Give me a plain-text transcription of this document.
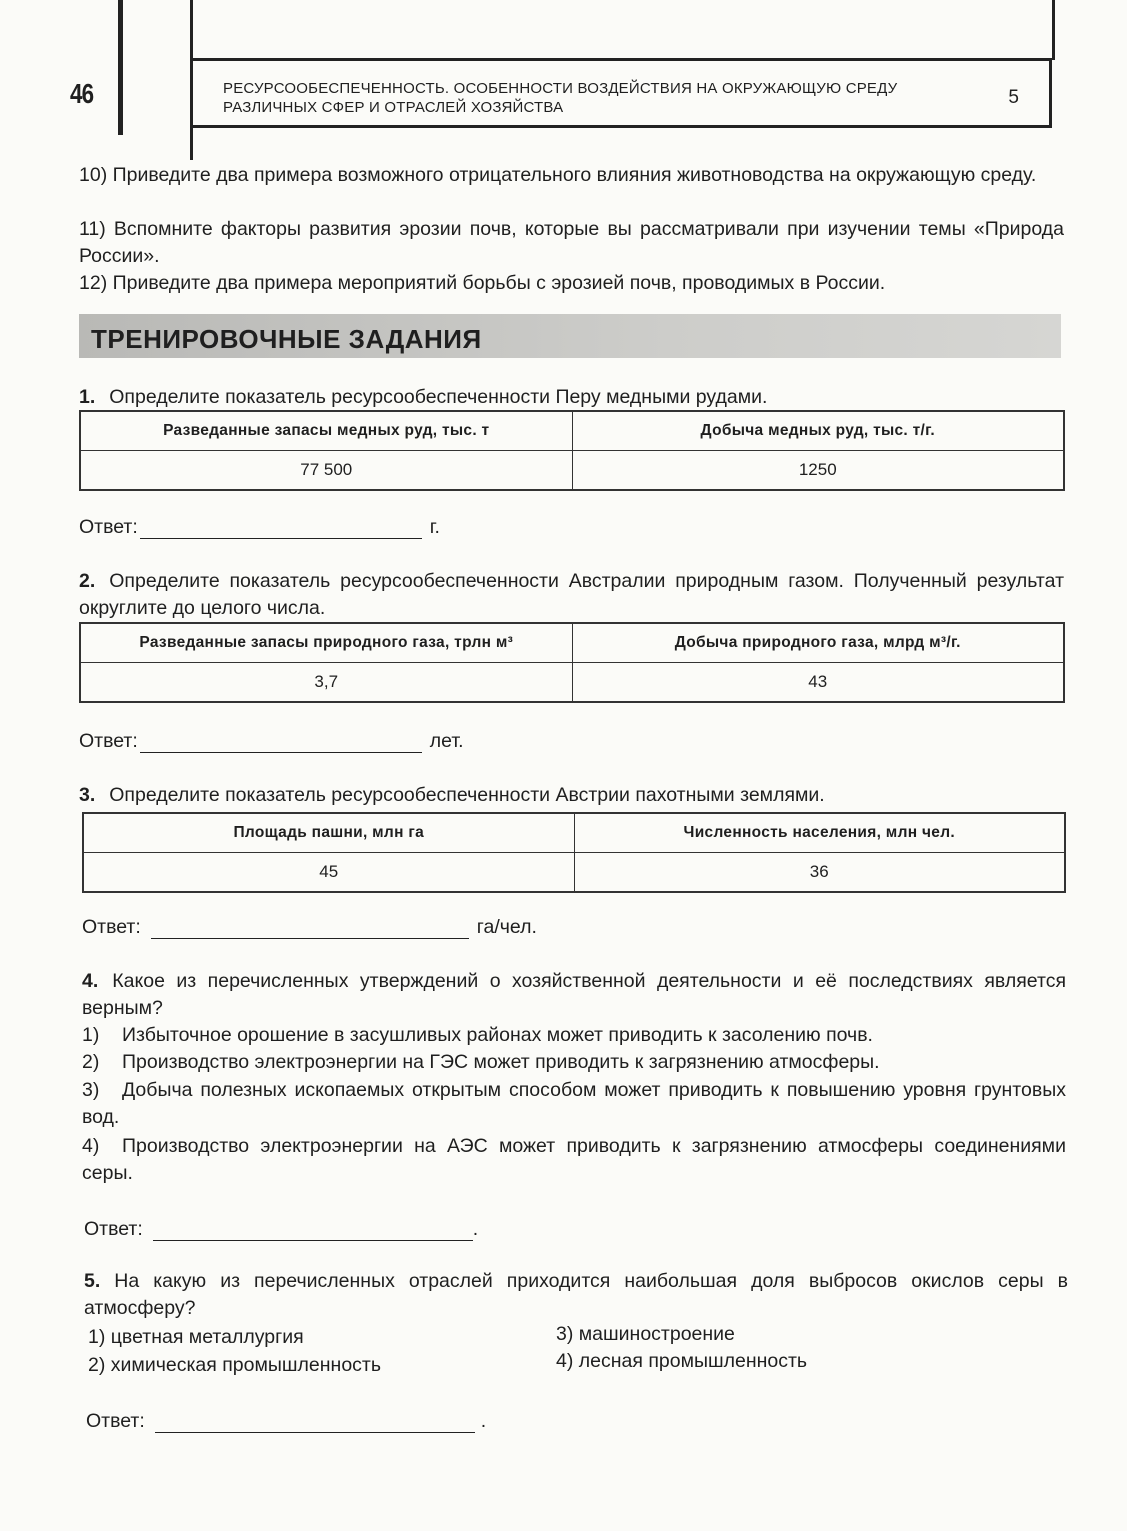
46	РЕСУРСООБЕСПЕЧЕННОСТЬ. ОСОБЕННОСТИ ВОЗДЕЙСТВИЯ НА ОКРУЖАЮЩУЮ СРЕДУ РАЗЛИЧНЫХ СФЕР И ОТРАСЛЕЙ ХОЗЯЙСТВА	5
10) Приведите два примера возможного отрицательного влияния животноводства на окружающую среду.
11) Вспомните факторы развития эрозии почв, которые вы рассматривали при изучении темы «Природа России».
12) Приведите два примера мероприятий борьбы с эрозией почв, проводимых в России.
ТРЕНИРОВОЧНЫЕ ЗАДАНИЯ
1. Определите показатель ресурсообеспеченности Перу медными рудами.
Разведанные запасы медных руд, тыс. т	Добыча медных руд, тыс. т/г.
77 500	1250
Ответ:	г.
2. Определите показатель ресурсообеспеченности Австралии природным газом. Полученный результат округлите до целого числа.
Разведанные запасы природного газа, трлн м³	Добыча природного газа, млрд м³/г.
3,7	43
Ответ:	лет.
3. Определите показатель ресурсообеспеченности Австрии пахотными землями.
Площадь пашни, млн га	Численность населения, млн чел.
45	36
Ответ:	га/чел.
4. Какое из перечисленных утверждений о хозяйственной деятельности и её последствиях является верным?
1) Избыточное орошение в засушливых районах может приводить к засолению почв.
2) Производство электроэнергии на ГЭС может приводить к загрязнению атмосферы.
3) Добыча полезных ископаемых открытым способом может приводить к повышению уровня грунтовых вод.
4) Производство электроэнергии на АЭС может приводить к загрязнению атмосферы соединениями серы.
Ответ:	.
5. На какую из перечисленных отраслей приходится наибольшая доля выбросов окислов серы в атмосферу?
1) цветная металлургия
2) химическая промышленность
3) машиностроение
4) лесная промышленность
Ответ:	.
